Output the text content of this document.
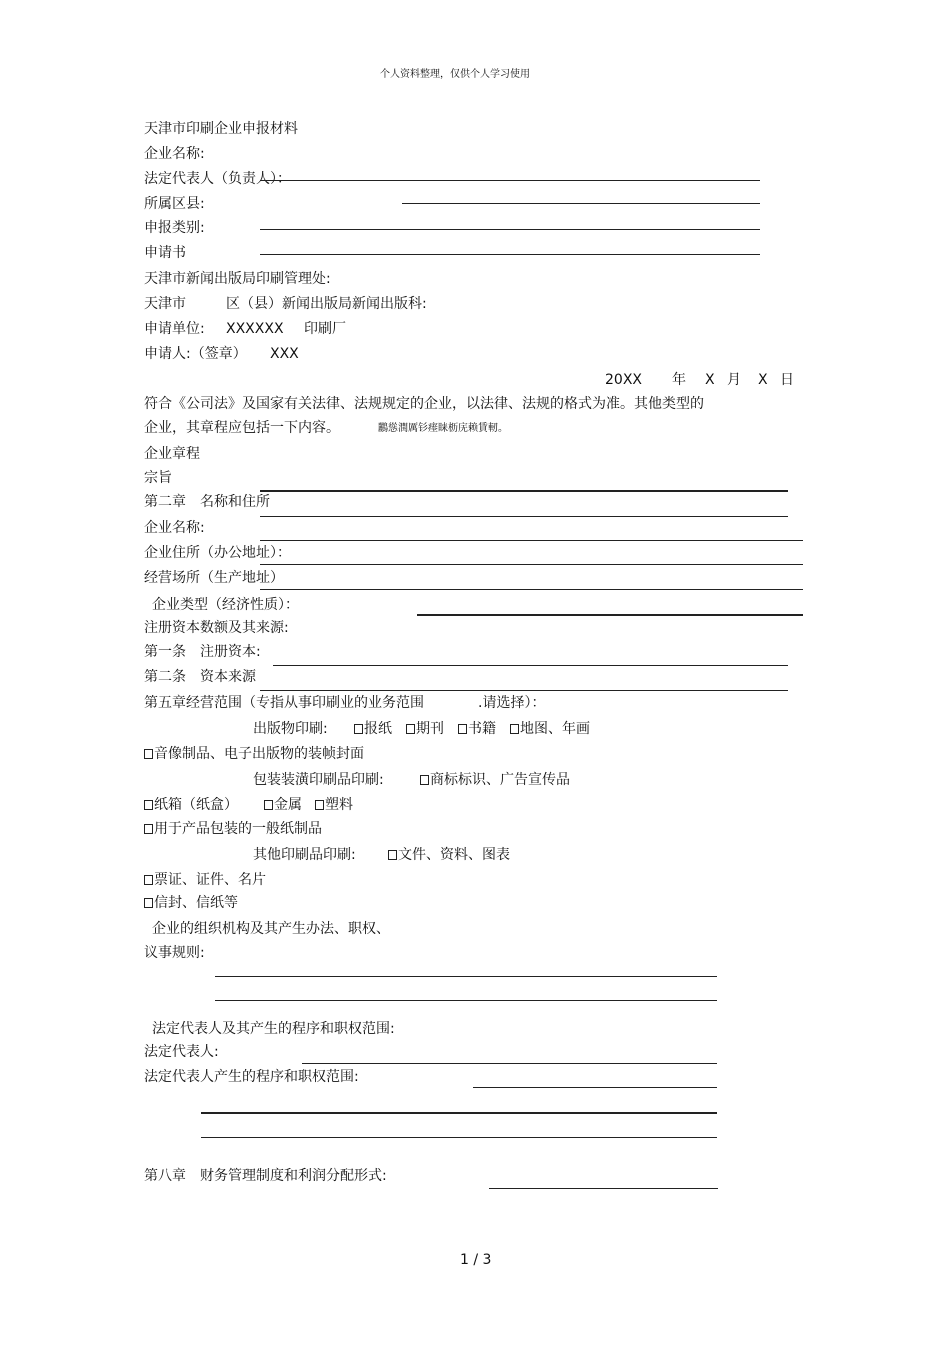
个人资料整理，仅供个人学习使用
天津市印刷企业申报材料
企业名称:
法定代表人（负责人）：
所属区县:
申报类别:
申请书
天津市新闻出版局印刷管理处:
天津市	区（县）新闻出版局新闻出版科:
申请单位: XXXXXX 印刷厂
申请人:（签章） XXX
20XX 年 X 月 X 日
符合《公司法》及国家有关法律、法规规定的企业，以法律、法规的格式为准。其他类型的
企业，其章程应包括一下内容。	鸝慫潤厲钐瘗睐枥庑赖賃軔。
企业章程
宗旨
第二章　名称和住所
企业名称:
企业住所（办公地址）：
经营场所（生产地址）
企业类型（经济性质）：
注册资本数额及其来源:
第一条　注册资本:
第二条　资本来源
第五章经营范围（专指从事印刷业的业务范围	.请选择）：
出版物印刷:	报纸	期刊	书籍	地图、年画
音像制品、电子出版物的装帧封面
包装装潢印刷品印刷:	商标标识、广告宣传品
纸箱（纸盒）	金属	塑料
用于产品包装的一般纸制品
其他印刷品印刷:	文件、资料、图表
票证、证件、名片
信封、信纸等
企业的组织机构及其产生办法、职权、
议事规则:
法定代表人及其产生的程序和职权范围:
法定代表人:
法定代表人产生的程序和职权范围:
第八章　财务管理制度和利润分配形式:
1 / 3
